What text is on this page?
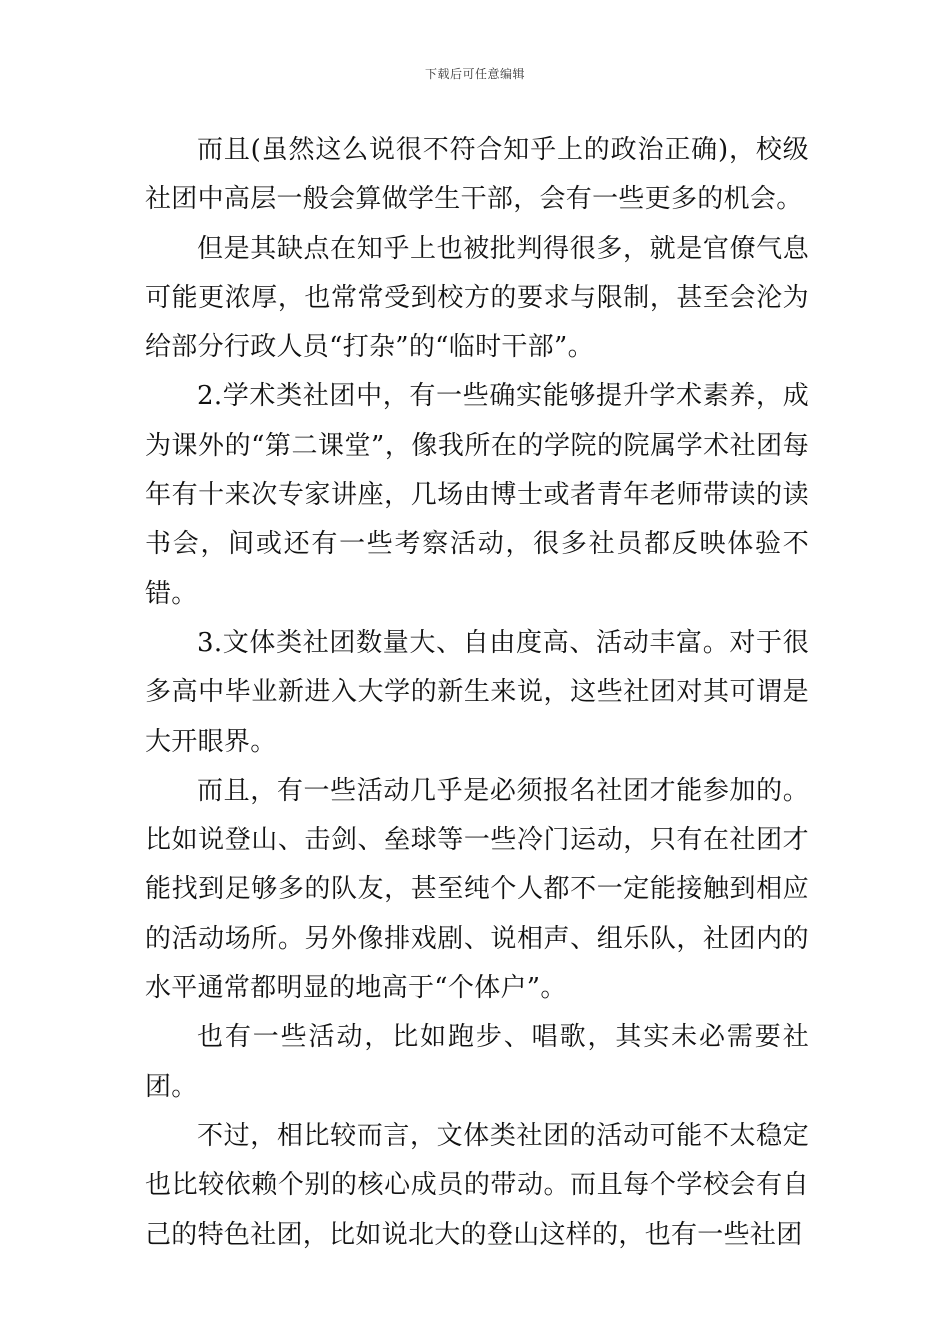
下载后可任意编辑

而且(虽然这么说很不符合知乎上的政治正确)，校级社团中高层一般会算做学生干部，会有一些更多的机会。

但是其缺点在知乎上也被批判得很多，就是官僚气息可能更浓厚，也常常受到校方的要求与限制，甚至会沦为给部分行政人员“打杂”的“临时干部”。

2.学术类社团中，有一些确实能够提升学术素养，成为课外的“第二课堂”，像我所在的学院的院属学术社团每年有十来次专家讲座，几场由博士或者青年老师带读的读书会，间或还有一些考察活动，很多社员都反映体验不错。

3.文体类社团数量大、自由度高、活动丰富。对于很多高中毕业新进入大学的新生来说，这些社团对其可谓是大开眼界。

而且，有一些活动几乎是必须报名社团才能参加的。比如说登山、击剑、垒球等一些冷门运动，只有在社团才能找到足够多的队友，甚至纯个人都不一定能接触到相应的活动场所。另外像排戏剧、说相声、组乐队，社团内的水平通常都明显的地高于“个体户”。

也有一些活动，比如跑步、唱歌，其实未必需要社团。

不过，相比较而言，文体类社团的活动可能不太稳定也比较依赖个别的核心成员的带动。而且每个学校会有自己的特色社团，比如说北大的登山这样的，也有一些社团
